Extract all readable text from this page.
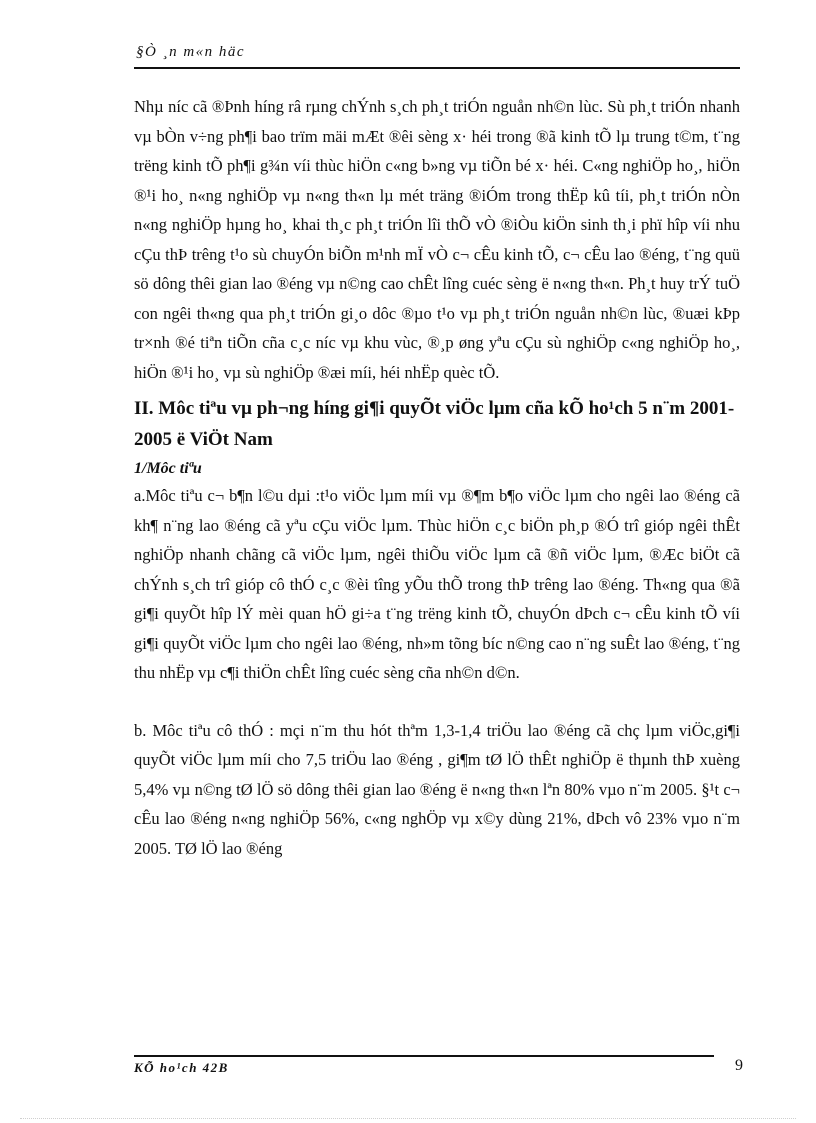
§Ò ¸n m«n häc

Nhµ níc cã ®Þnh híng râ rµng chÝnh s¸ch ph¸t triÓn nguån nh©n lùc. Sù ph¸t triÓn nhanh vµ bÒn v÷ng ph¶i bao trïm mäi mÆt ®êi sèng x· héi trong ®ã kinh tÕ lµ trung t©m, t¨ng trëng kinh tÕ ph¶i g¾n víi thùc hiÖn c«ng b»ng vµ tiÕn bé x· héi. C«ng nghiÖp ho¸, hiÖn ®¹i ho¸ n«ng nghiÖp vµ n«ng th«n lµ mét träng ®iÓm trong thËp kû tíi, ph¸t triÓn nÒn n«ng nghiÖp hµng ho¸ khai th¸c ph¸t triÓn lîi thÕ vÒ ®iÒu kiÖn sinh th¸i phï hîp víi nhu cÇu thÞ trêng t¹o sù chuyÓn biÕn m¹nh mÏ vÒ c¬ cÊu kinh tÕ, c¬ cÊu lao ®éng, t¨ng quü sö dông thêi gian lao ®éng vµ n©ng cao chÊt lîng cuéc sèng ë n«ng th«n. Ph¸t huy trÝ tuÖ con ngêi th«ng qua ph¸t triÓn gi¸o dôc ®µo t¹o vµ ph¸t triÓn nguån nh©n lùc, ®uæi kÞp tr×nh ®é tiªn tiÕn cña c¸c níc vµ khu vùc, ®¸p øng yªu cÇu sù nghiÖp c«ng nghiÖp ho¸, hiÖn ®¹i ho¸ vµ sù nghiÖp ®æi míi, héi nhËp quèc tÕ.

II. Môc tiªu vµ ph¬ng híng gi¶i quyÕt viÖc lµm cña kÕ ho¹ch 5 n¨m 2001-2005 ë ViÖt Nam
1/Môc tiªu

a.Môc tiªu c¬ b¶n l©u dµi :t¹o viÖc lµm míi vµ ®¶m b¶o viÖc lµm cho ngêi lao ®éng cã kh¶ n¨ng lao ®éng cã yªu cÇu viÖc lµm. Thùc hiÖn c¸c biÖn ph¸p ®Ó trî gióp ngêi thÊt nghiÖp nhanh chãng cã viÖc lµm, ngêi thiÕu viÖc lµm cã ®ñ viÖc lµm, ®Æc biÖt cã chÝnh s¸ch trî gióp cô thÓ c¸c ®èi tîng yÕu thÕ trong thÞ trêng lao ®éng. Th«ng qua ®ã gi¶i quyÕt hîp lÝ mèi quan hÖ gi÷a t¨ng trëng kinh tÕ, chuyÓn dÞch c¬ cÊu kinh tÕ víi gi¶i quyÕt viÖc lµm cho ngêi lao ®éng, nh»m tõng bíc n©ng cao n¨ng suÊt lao ®éng, t¨ng thu nhËp vµ c¶i thiÖn chÊt lîng cuéc sèng cña nh©n d©n.

b. Môc tiªu cô thÓ : mçi n¨m thu hót thªm 1,3-1,4 triÖu lao ®éng cã chç lµm viÖc,gi¶i quyÕt viÖc lµm míi cho 7,5 triÖu lao ®éng , gi¶m tØ lÖ thÊt nghiÖp ë thµnh thÞ xuèng 5,4% vµ n©ng tØ lÖ sö dông thêi gian lao ®éng ë n«ng th«n lªn 80% vµo n¨m 2005. §¹t c¬ cÊu lao ®éng n«ng nghiÖp 56%, c«ng nghÖp vµ x©y dùng 21%, dÞch vô 23% vµo n¨m 2005. TØ lÖ lao ®éng

KÕ ho¹ch 42B	9
